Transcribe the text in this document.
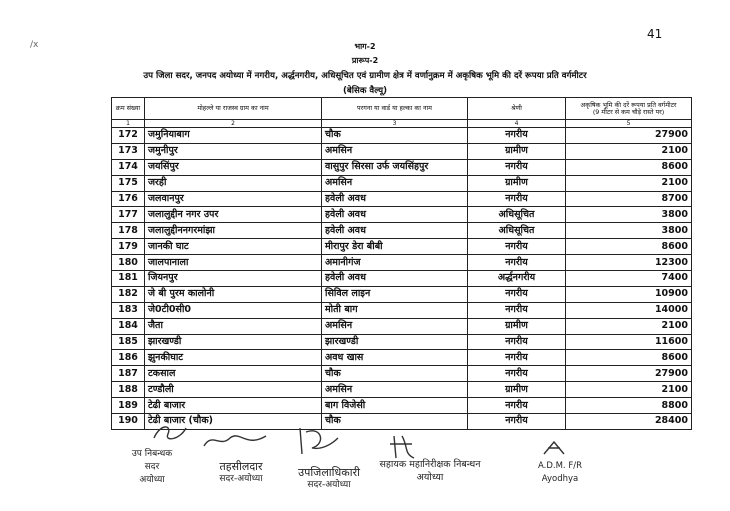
41
/x	भाग-2
प्रारूप-2
उप जिला सदर, जनपद अयोध्या में नगरीय, अर्द्धनगरीय, अधिसूचित एवं ग्रामीण क्षेत्र में वर्णानुक्रम में अकृषिक भूमि की दरें रूपया प्रति वर्गमीटर
(बेसिक वैल्यू)
क्रम संख्या	मोहल्ले या राजस्व ग्राम का नाम	परगना या वार्ड या हल्का का नाम	श्रेणी	अकृषिक भूमि की दरें रूपया प्रति वर्गमीटर
(9 मीटर से कम चौड़े रास्ते पर)

1	2	3	4	5
172	जमुनियाबाग	चौक	नगरीय	27900
173	जमुनीपुर	अमसिन	ग्रामीण	2100
174	जयसिंपुर	वासुपुर सिरसा उर्फ जयसिंहपुर	नगरीय	8600
175	जरही	अमसिन	ग्रामीण	2100
176	जलवानपुर	हवेली अवध	नगरीय	8700
177	जलालुद्दीन नगर उपर	हवेली अवध	अधिसूचित	3800
178	जलालुद्दीननगरमांझा	हवेली अवध	अधिसूचित	3800
179	जानकी घाट	मीरापुर डेरा बीबी	नगरीय	8600
180	जालपानाला	अमानीगंज	नगरीय	12300
181	जियनपुर	हवेली अवध	अर्द्धनगरीय	7400
182	जे बी पुरम कालोनी	सिविल लाइन	नगरीय	10900
183	जे0टी0सी0	मोती बाग	नगरीय	14000
184	जैता	अमसिन	ग्रामीण	2100
185	झारखण्डी	झारखण्डी	नगरीय	11600
186	झुनकीघाट	अवध खास	नगरीय	8600
187	टकसाल	चौक	नगरीय	27900
188	टण्डौली	अमसिन	ग्रामीण	2100
189	टेढी बाजार	बाग विजेसी	नगरीय	8800
190	टेढी बाजार (चौक)	चौक	नगरीय	28400
उप निबन्धक
सदर
अयोध्या
तहसीलदार
सदर-अयोध्या	उपजिलाधिकारी
सदर-अयोध्या
सहायक महानिरीक्षक निबन्धन
अयोध्या
A.D.M. F/R
Ayodhya
